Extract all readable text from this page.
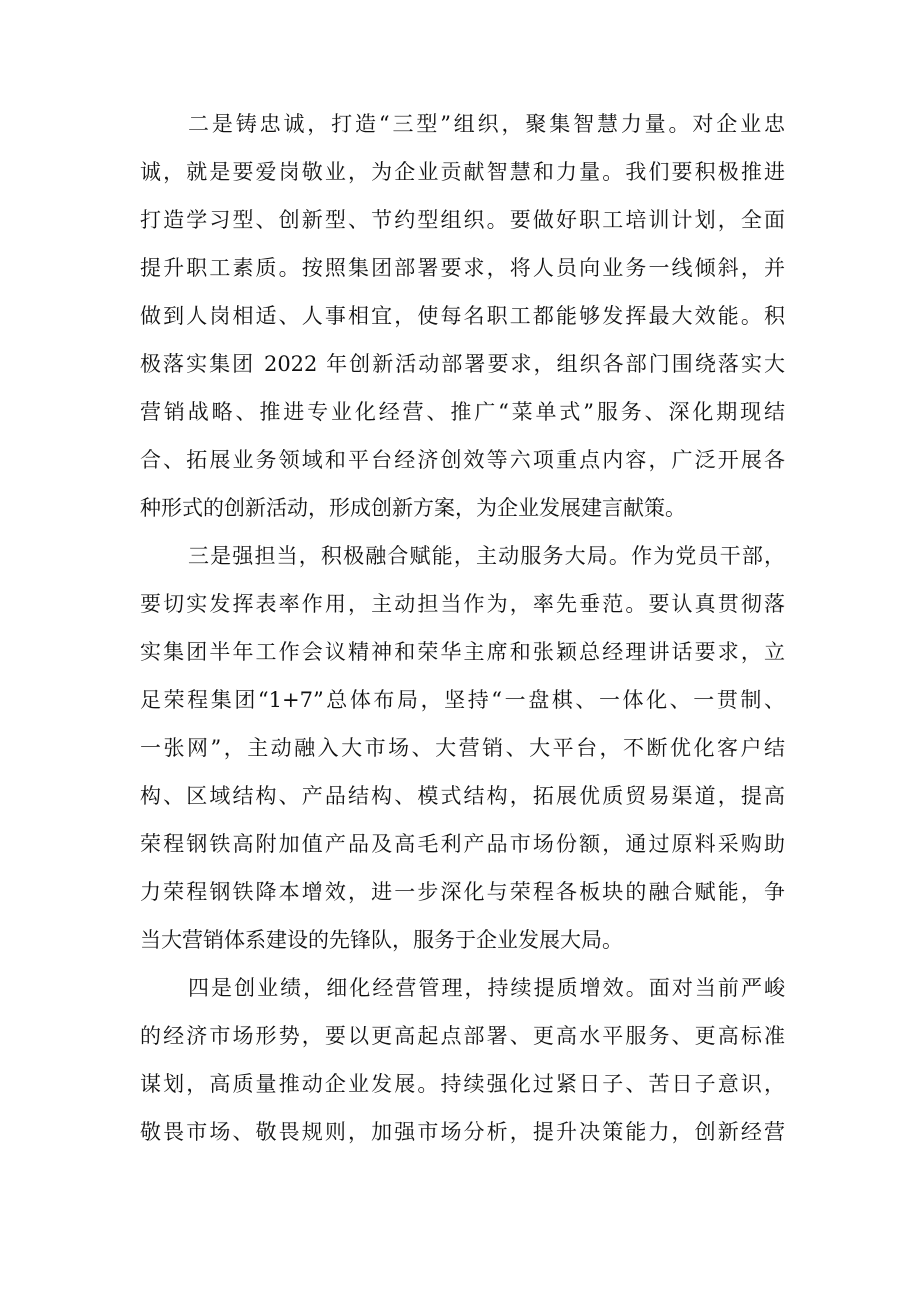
二是铸忠诚，打造“三型”组织，聚集智慧力量。对企业忠
诚，就是要爱岗敬业，为企业贡献智慧和力量。我们要积极推进
打造学习型、创新型、节约型组织。要做好职工培训计划，全面
提升职工素质。按照集团部署要求，将人员向业务一线倾斜，并
做到人岗相适、人事相宜，使每名职工都能够发挥最大效能。积
极落实集团 2022 年创新活动部署要求，组织各部门围绕落实大
营销战略、推进专业化经营、推广“菜单式”服务、深化期现结
合、拓展业务领域和平台经济创效等六项重点内容，广泛开展各
种形式的创新活动，形成创新方案，为企业发展建言献策。
三是强担当，积极融合赋能，主动服务大局。作为党员干部，
要切实发挥表率作用，主动担当作为，率先垂范。要认真贯彻落
实集团半年工作会议精神和荣华主席和张颖总经理讲话要求，立
足荣程集团“1+7”总体布局，坚持“一盘棋、一体化、一贯制、
一张网”，主动融入大市场、大营销、大平台，不断优化客户结
构、区域结构、产品结构、模式结构，拓展优质贸易渠道，提高
荣程钢铁高附加值产品及高毛利产品市场份额，通过原料采购助
力荣程钢铁降本增效，进一步深化与荣程各板块的融合赋能，争
当大营销体系建设的先锋队，服务于企业发展大局。
四是创业绩，细化经营管理，持续提质增效。面对当前严峻
的经济市场形势，要以更高起点部署、更高水平服务、更高标准
谋划，高质量推动企业发展。持续强化过紧日子、苦日子意识，
敬畏市场、敬畏规则，加强市场分析，提升决策能力，创新经营
